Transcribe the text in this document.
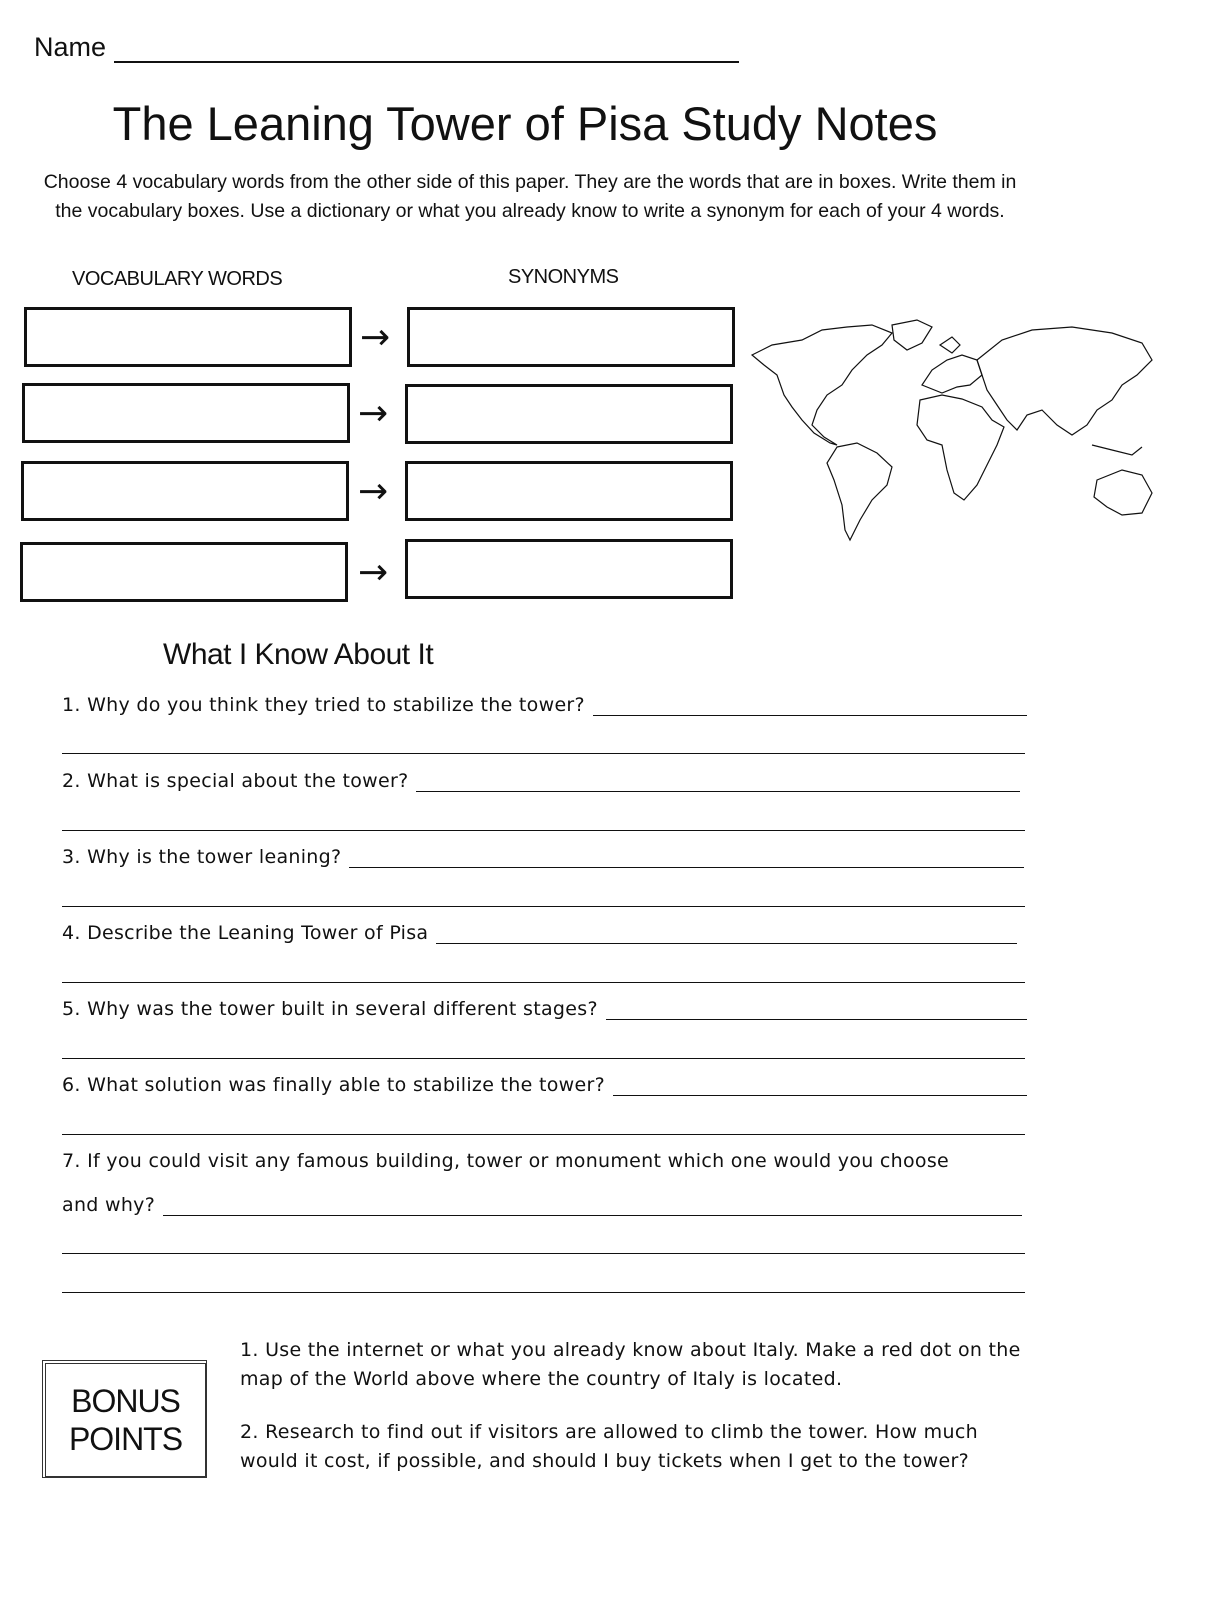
Name
The Leaning Tower of Pisa Study Notes
Choose 4 vocabulary words from the other side of this paper. They are the words that are in boxes. Write them in the vocabulary boxes. Use a dictionary or what you already know to write a synonym for each of your 4 words.
VOCABULARY WORDS	SYNONYMS
→
→
→
→
What I Know About It
1. Why do you think they tried to stabilize the tower?
2. What is special about the tower?
3. Why is the tower leaning?
4. Describe the Leaning Tower of Pisa
5. Why was the tower built in several different stages?
6. What solution was finally able to stabilize the tower?
7. If you could visit any famous building, tower or monument which one would you choose
and why?
BONUS
POINTS
1. Use the internet or what you already know about Italy. Make a red dot on the map of the World above where the country of Italy is located.
2. Research to find out if visitors are allowed to climb the tower. How much would it cost, if possible, and should I buy tickets when I get to the tower?
